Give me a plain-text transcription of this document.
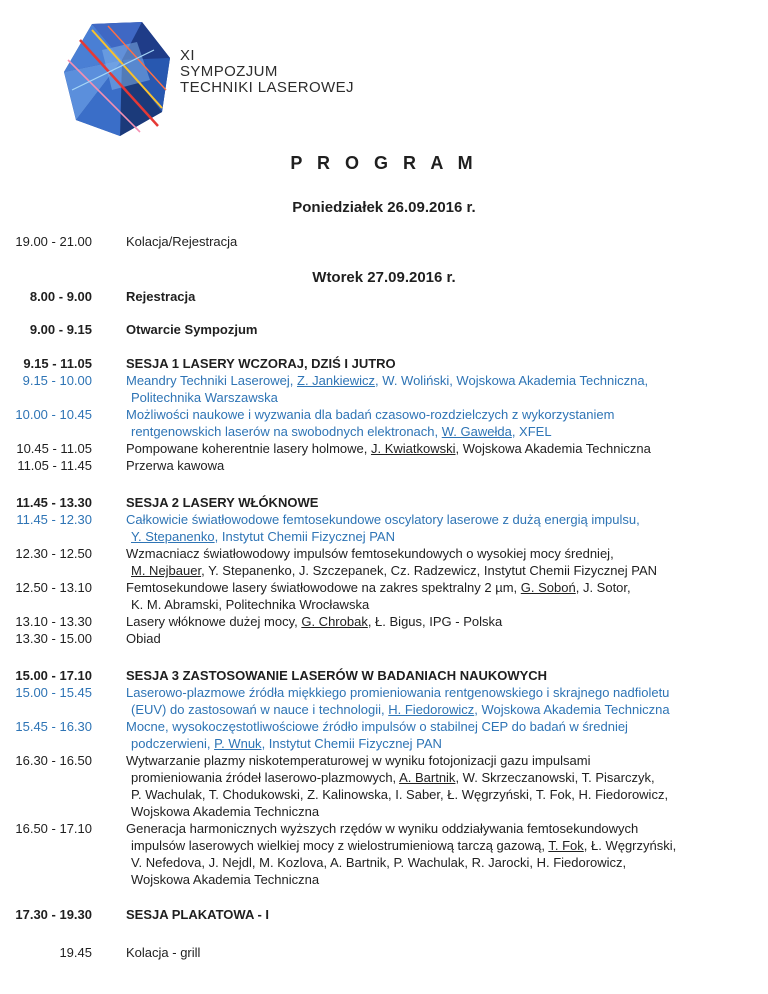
XI
SYMPOZJUM
TECHNIKI LASEROWEJ
P R O G R A M
Poniedziałek 26.09.2016 r.
19.00 - 21.00	Kolacja/Rejestracja
Wtorek 27.09.2016 r.
8.00 - 9.00	Rejestracja
9.00 - 9.15	Otwarcie Sympozjum
9.15 - 11.05	SESJA 1 LASERY WCZORAJ, DZIŚ I JUTRO
9.15 - 10.00	Meandry Techniki Laserowej, Z. Jankiewicz, W. Woliński, Wojskowa Akademia Techniczna,
Politechnika Warszawska
10.00 - 10.45	Możliwości naukowe i wyzwania dla badań czasowo-rozdzielczych z wykorzystaniem
rentgenowskich laserów na swobodnych elektronach, W. Gawełda, XFEL
10.45 - 11.05	Pompowane koherentnie lasery holmowe, J. Kwiatkowski, Wojskowa Akademia Techniczna
11.05 - 11.45	Przerwa kawowa
11.45 - 13.30	SESJA 2 LASERY WŁÓKNOWE
11.45 - 12.30	Całkowicie światłowodowe femtosekundowe oscylatory laserowe z dużą energią impulsu,
Y. Stepanenko, Instytut Chemii Fizycznej PAN
12.30 - 12.50	Wzmacniacz światłowodowy impulsów femtosekundowych o wysokiej mocy średniej,
M. Nejbauer, Y. Stepanenko, J. Szczepanek, Cz. Radzewicz, Instytut Chemii Fizycznej PAN
12.50 - 13.10	Femtosekundowe lasery światłowodowe na zakres spektralny 2 µm, G. Soboń, J. Sotor,
K. M. Abramski, Politechnika Wrocławska
13.10 - 13.30	Lasery włóknowe dużej mocy, G. Chrobak, Ł. Bigus, IPG - Polska
13.30 - 15.00	Obiad
15.00 - 17.10	SESJA 3 ZASTOSOWANIE LASERÓW W BADANIACH NAUKOWYCH
15.00 - 15.45	Laserowo-plazmowe źródła miękkiego promieniowania rentgenowskiego i skrajnego nadfioletu
(EUV) do zastosowań w nauce i technologii, H. Fiedorowicz, Wojskowa Akademia Techniczna
15.45 - 16.30	Mocne, wysokoczęstotliwościowe źródło impulsów o stabilnej CEP do badań w średniej
podczerwieni, P. Wnuk, Instytut Chemii Fizycznej PAN
16.30 - 16.50	Wytwarzanie plazmy niskotemperaturowej w wyniku fotojonizacji gazu impulsami
promieniowania źródeł laserowo-plazmowych, A. Bartnik, W. Skrzeczanowski, T. Pisarczyk,
P. Wachulak, T. Chodukowski, Z. Kalinowska, I. Saber, Ł. Węgrzyński, T. Fok, H. Fiedorowicz,
Wojskowa Akademia Techniczna
16.50 - 17.10	Generacja harmonicznych wyższych rzędów w wyniku oddziaływania femtosekundowych
impulsów laserowych wielkiej mocy z wielostrumieniową tarczą gazową, T. Fok, Ł. Węgrzyński,
V. Nefedova, J. Nejdl, M. Kozlova, A. Bartnik, P. Wachulak, R. Jarocki, H. Fiedorowicz,
Wojskowa Akademia Techniczna
17.30 - 19.30	SESJA PLAKATOWA - I
19.45	Kolacja - grill
